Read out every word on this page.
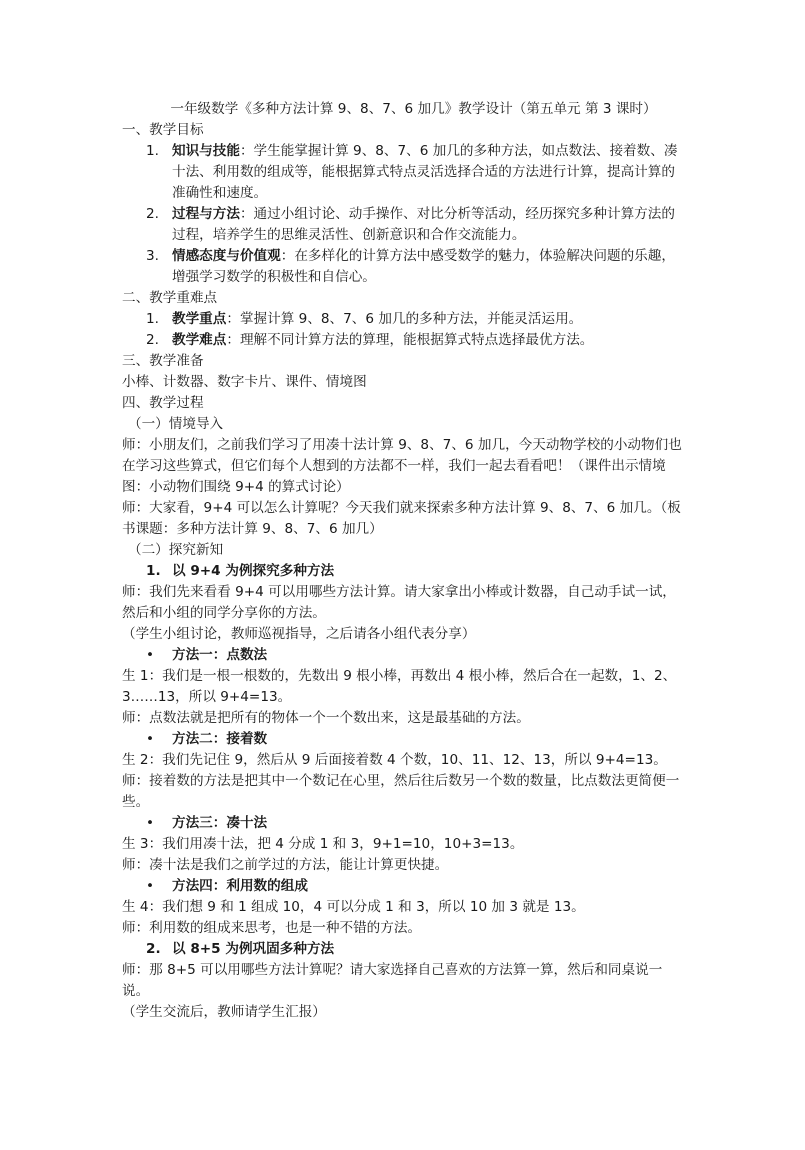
一年级数学《多种方法计算 9、8、7、6 加几》教学设计（第五单元 第 3 课时）

一、教学目标

1. 知识与技能：学生能掌握计算 9、8、7、6 加几的多种方法，如点数法、接着数、凑十法、利用数的组成等，能根据算式特点灵活选择合适的方法进行计算，提高计算的准确性和速度。
2. 过程与方法：通过小组讨论、动手操作、对比分析等活动，经历探究多种计算方法的过程，培养学生的思维灵活性、创新意识和合作交流能力。
3. 情感态度与价值观：在多样化的计算方法中感受数学的魅力，体验解决问题的乐趣，增强学习数学的积极性和自信心。

二、教学重难点

1. 教学重点：掌握计算 9、8、7、6 加几的多种方法，并能灵活运用。
2. 教学难点：理解不同计算方法的算理，能根据算式特点选择最优方法。

三、教学准备

小棒、计数器、数字卡片、课件、情境图

四、教学过程

（一）情境导入

师：小朋友们，之前我们学习了用凑十法计算 9、8、7、6 加几，今天动物学校的小动物们也在学习这些算式，但它们每个人想到的方法都不一样，我们一起去看看吧！（课件出示情境图：小动物们围绕 9+4 的算式讨论）

师：大家看，9+4 可以怎么计算呢？今天我们就来探索多种方法计算 9、8、7、6 加几。（板书课题：多种方法计算 9、8、7、6 加几）

（二）探究新知

1. 以 9+4 为例探究多种方法

师：我们先来看看 9+4 可以用哪些方法计算。请大家拿出小棒或计数器，自己动手试一试，然后和小组的同学分享你的方法。

（学生小组讨论，教师巡视指导，之后请各小组代表分享）

• 方法一：点数法

生 1：我们是一根一根数的，先数出 9 根小棒，再数出 4 根小棒，然后合在一起数，1、2、3……13，所以 9+4=13。

师：点数法就是把所有的物体一个一个数出来，这是最基础的方法。

• 方法二：接着数

生 2：我们先记住 9，然后从 9 后面接着数 4 个数，10、11、12、13，所以 9+4=13。

师：接着数的方法是把其中一个数记在心里，然后往后数另一个数的数量，比点数法更简便一些。

• 方法三：凑十法

生 3：我们用凑十法，把 4 分成 1 和 3，9+1=10，10+3=13。

师：凑十法是我们之前学过的方法，能让计算更快捷。

• 方法四：利用数的组成

生 4：我们想 9 和 1 组成 10，4 可以分成 1 和 3，所以 10 加 3 就是 13。

师：利用数的组成来思考，也是一种不错的方法。

2. 以 8+5 为例巩固多种方法

师：那 8+5 可以用哪些方法计算呢？请大家选择自己喜欢的方法算一算，然后和同桌说一说。

（学生交流后，教师请学生汇报）
